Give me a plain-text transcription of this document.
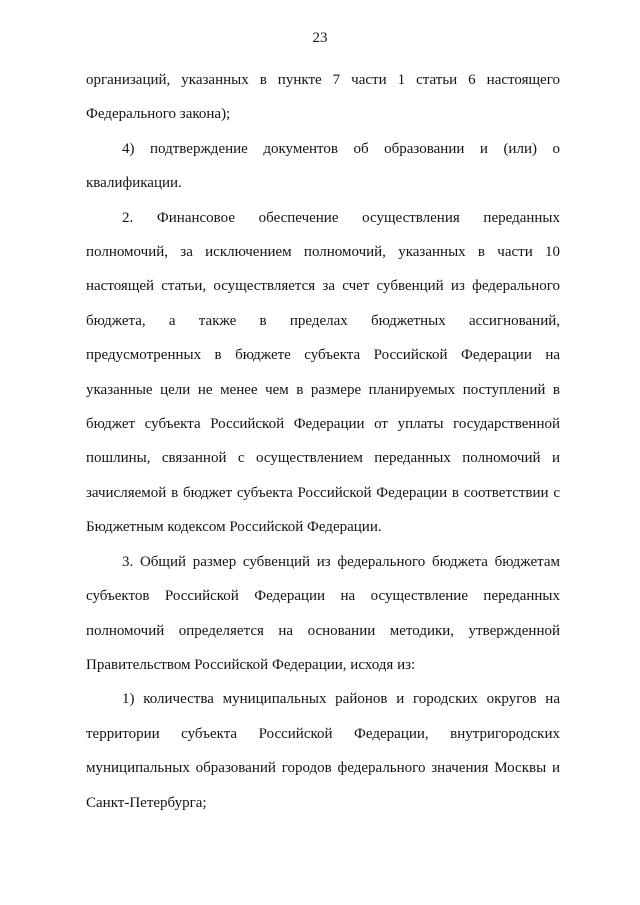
23

организаций, указанных в пункте 7 части 1 статьи 6 настоящего Федерального закона);

4) подтверждение документов об образовании и (или) о квалификации.

2. Финансовое обеспечение осуществления переданных полномочий, за исключением полномочий, указанных в части 10 настоящей статьи, осуществляется за счет субвенций из федерального бюджета, а также в пределах бюджетных ассигнований, предусмотренных в бюджете субъекта Российской Федерации на указанные цели не менее чем в размере планируемых поступлений в бюджет субъекта Российской Федерации от уплаты государственной пошлины, связанной с осуществлением переданных полномочий и зачисляемой в бюджет субъекта Российской Федерации в соответствии с Бюджетным кодексом Российской Федерации.

3. Общий размер субвенций из федерального бюджета бюджетам субъектов Российской Федерации на осуществление переданных полномочий определяется на основании методики, утвержденной Правительством Российской Федерации, исходя из:

1) количества муниципальных районов и городских округов на территории субъекта Российской Федерации, внутригородских муниципальных образований городов федерального значения Москвы и Санкт-Петербурга;
